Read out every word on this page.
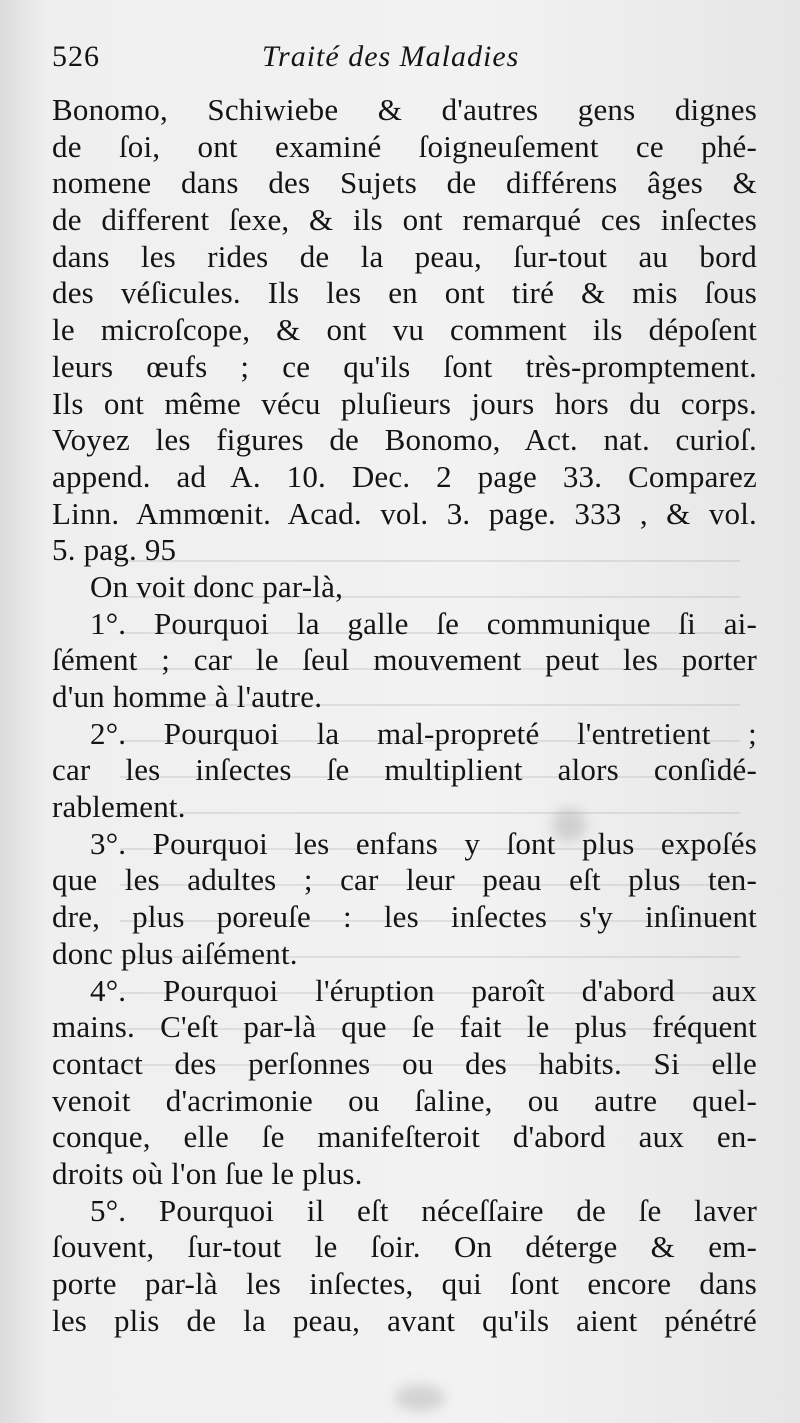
526	Traité des Maladies
Bonomo, Schiwiebe & d'autres gens dignes
de ſoi, ont examiné ſoigneuſement ce phé-
nomene dans des Sujets de différens âges &
de different ſexe, & ils ont remarqué ces inſectes
dans les rides de la peau, ſur-tout au bord
des véſicules. Ils les en ont tiré & mis ſous
le microſcope, & ont vu comment ils dépoſent
leurs œufs ; ce qu'ils ſont très-promptement.
Ils ont même vécu pluſieurs jours hors du corps.
Voyez les figures de Bonomo, Act. nat. curioſ.
append. ad A. 10. Dec. 2 page 33. Comparez
Linn. Ammœnit. Acad. vol. 3. page. 333 , & vol.
5. pag. 95
On voit donc par-là,
1°. Pourquoi la galle ſe communique ſi ai-
ſément ; car le ſeul mouvement peut les porter
d'un homme à l'autre.
2°. Pourquoi la mal-propreté l'entretient ;
car les inſectes ſe multiplient alors conſidé-
rablement.
3°. Pourquoi les enfans y ſont plus expoſés
que les adultes ; car leur peau eſt plus ten-
dre, plus poreuſe : les inſectes s'y inſinuent
donc plus aiſément.
4°. Pourquoi l'éruption paroît d'abord aux
mains. C'eſt par-là que ſe fait le plus fréquent
contact des perſonnes ou des habits. Si elle
venoit d'acrimonie ou ſaline, ou autre quel-
conque, elle ſe manifeſteroit d'abord aux en-
droits où l'on ſue le plus.
5°. Pourquoi il eſt néceſſaire de ſe laver
ſouvent, ſur-tout le ſoir. On déterge & em-
porte par-là les inſectes, qui ſont encore dans
les plis de la peau, avant qu'ils aient pénétré
